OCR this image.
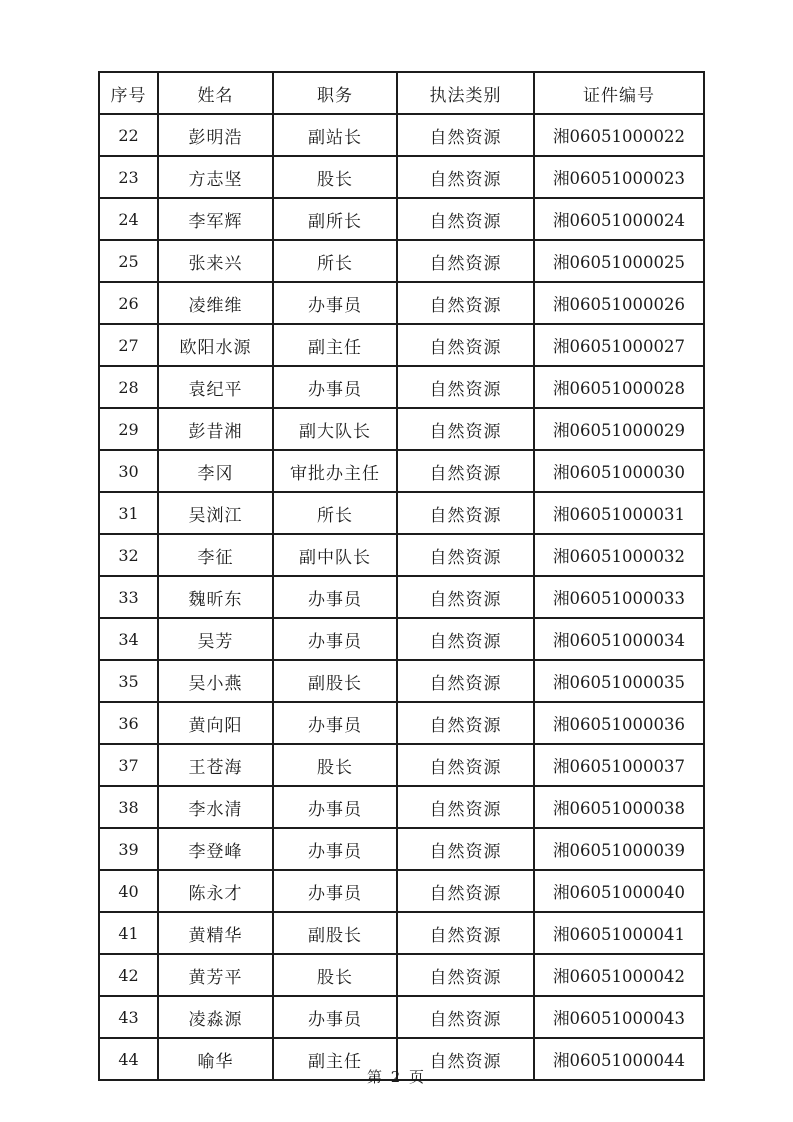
序号	姓名	职务	执法类别	证件编号
22	彭明浩	副站长	自然资源	湘06051000022
23	方志坚	股长	自然资源	湘06051000023
24	李军辉	副所长	自然资源	湘06051000024
25	张来兴	所长	自然资源	湘06051000025
26	凌维维	办事员	自然资源	湘06051000026
27	欧阳水源	副主任	自然资源	湘06051000027
28	袁纪平	办事员	自然资源	湘06051000028
29	彭昔湘	副大队长	自然资源	湘06051000029
30	李冈	审批办主任	自然资源	湘06051000030
31	吴浏江	所长	自然资源	湘06051000031
32	李征	副中队长	自然资源	湘06051000032
33	魏昕东	办事员	自然资源	湘06051000033
34	吴芳	办事员	自然资源	湘06051000034
35	吴小燕	副股长	自然资源	湘06051000035
36	黄向阳	办事员	自然资源	湘06051000036
37	王苍海	股长	自然资源	湘06051000037
38	李水清	办事员	自然资源	湘06051000038
39	李登峰	办事员	自然资源	湘06051000039
40	陈永才	办事员	自然资源	湘06051000040
41	黄精华	副股长	自然资源	湘06051000041
42	黄芳平	股长	自然资源	湘06051000042
43	凌淼源	办事员	自然资源	湘06051000043
44	喻华	副主任	自然资源	湘06051000044
第 2 页
